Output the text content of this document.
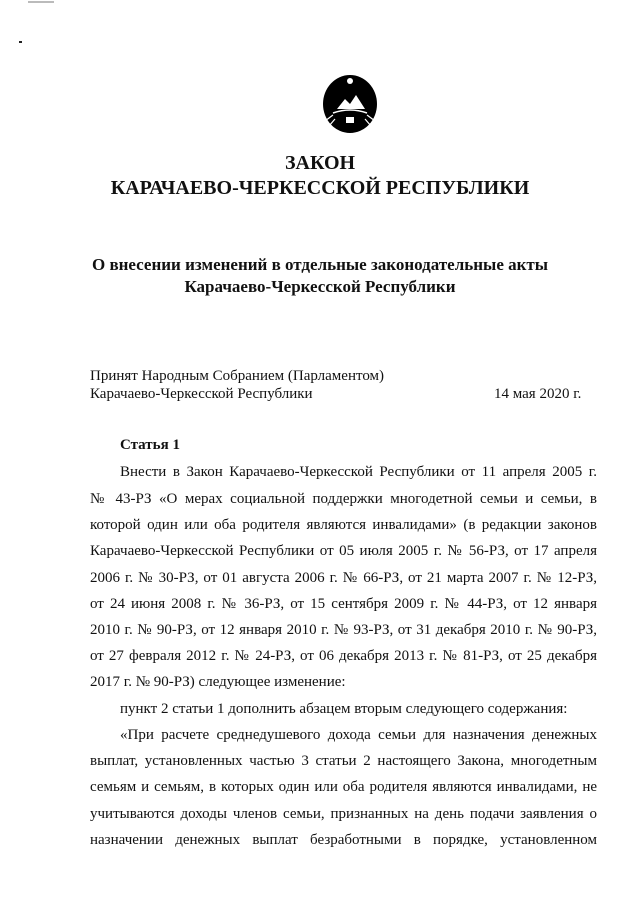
ЗАКОН
КАРАЧАЕВО-ЧЕРКЕССКОЙ РЕСПУБЛИКИ
О внесении изменений в отдельные законодательные акты
Карачаево-Черкесской Республики
Принят Народным Собранием (Парламентом)
Карачаево-Черкесской Республики	14 мая 2020 г.
Статья 1
Внести в Закон Карачаево-Черкесской Республики от 11 апреля 2005 г.
№ 43-РЗ «О мерах социальной поддержки многодетной семьи и семьи, в
которой один или оба родителя являются инвалидами» (в редакции законов
Карачаево-Черкесской Республики от 05 июля 2005 г. № 56-РЗ, от 17 апреля
2006 г. № 30-РЗ, от 01 августа 2006 г. № 66-РЗ, от 21 марта 2007 г. № 12-РЗ,
от 24 июня 2008 г. № 36-РЗ, от 15 сентября 2009 г. № 44-РЗ, от 12 января
2010 г. № 90-РЗ, от 12 января 2010 г. № 93-РЗ, от 31 декабря 2010 г. № 90-РЗ,
от 27 февраля 2012 г. № 24-РЗ, от 06 декабря 2013 г. № 81-РЗ, от 25 декабря
2017 г. № 90-РЗ) следующее изменение:
пункт 2 статьи 1 дополнить абзацем вторым следующего содержания:
«При расчете среднедушевого дохода семьи для назначения денежных
выплат, установленных частью 3 статьи 2 настоящего Закона, многодетным
семьям и семьям, в которых один или оба родителя являются инвалидами, не
учитываются доходы членов семьи, признанных на день подачи заявления о
назначении денежных выплат безработными в порядке, установленном
